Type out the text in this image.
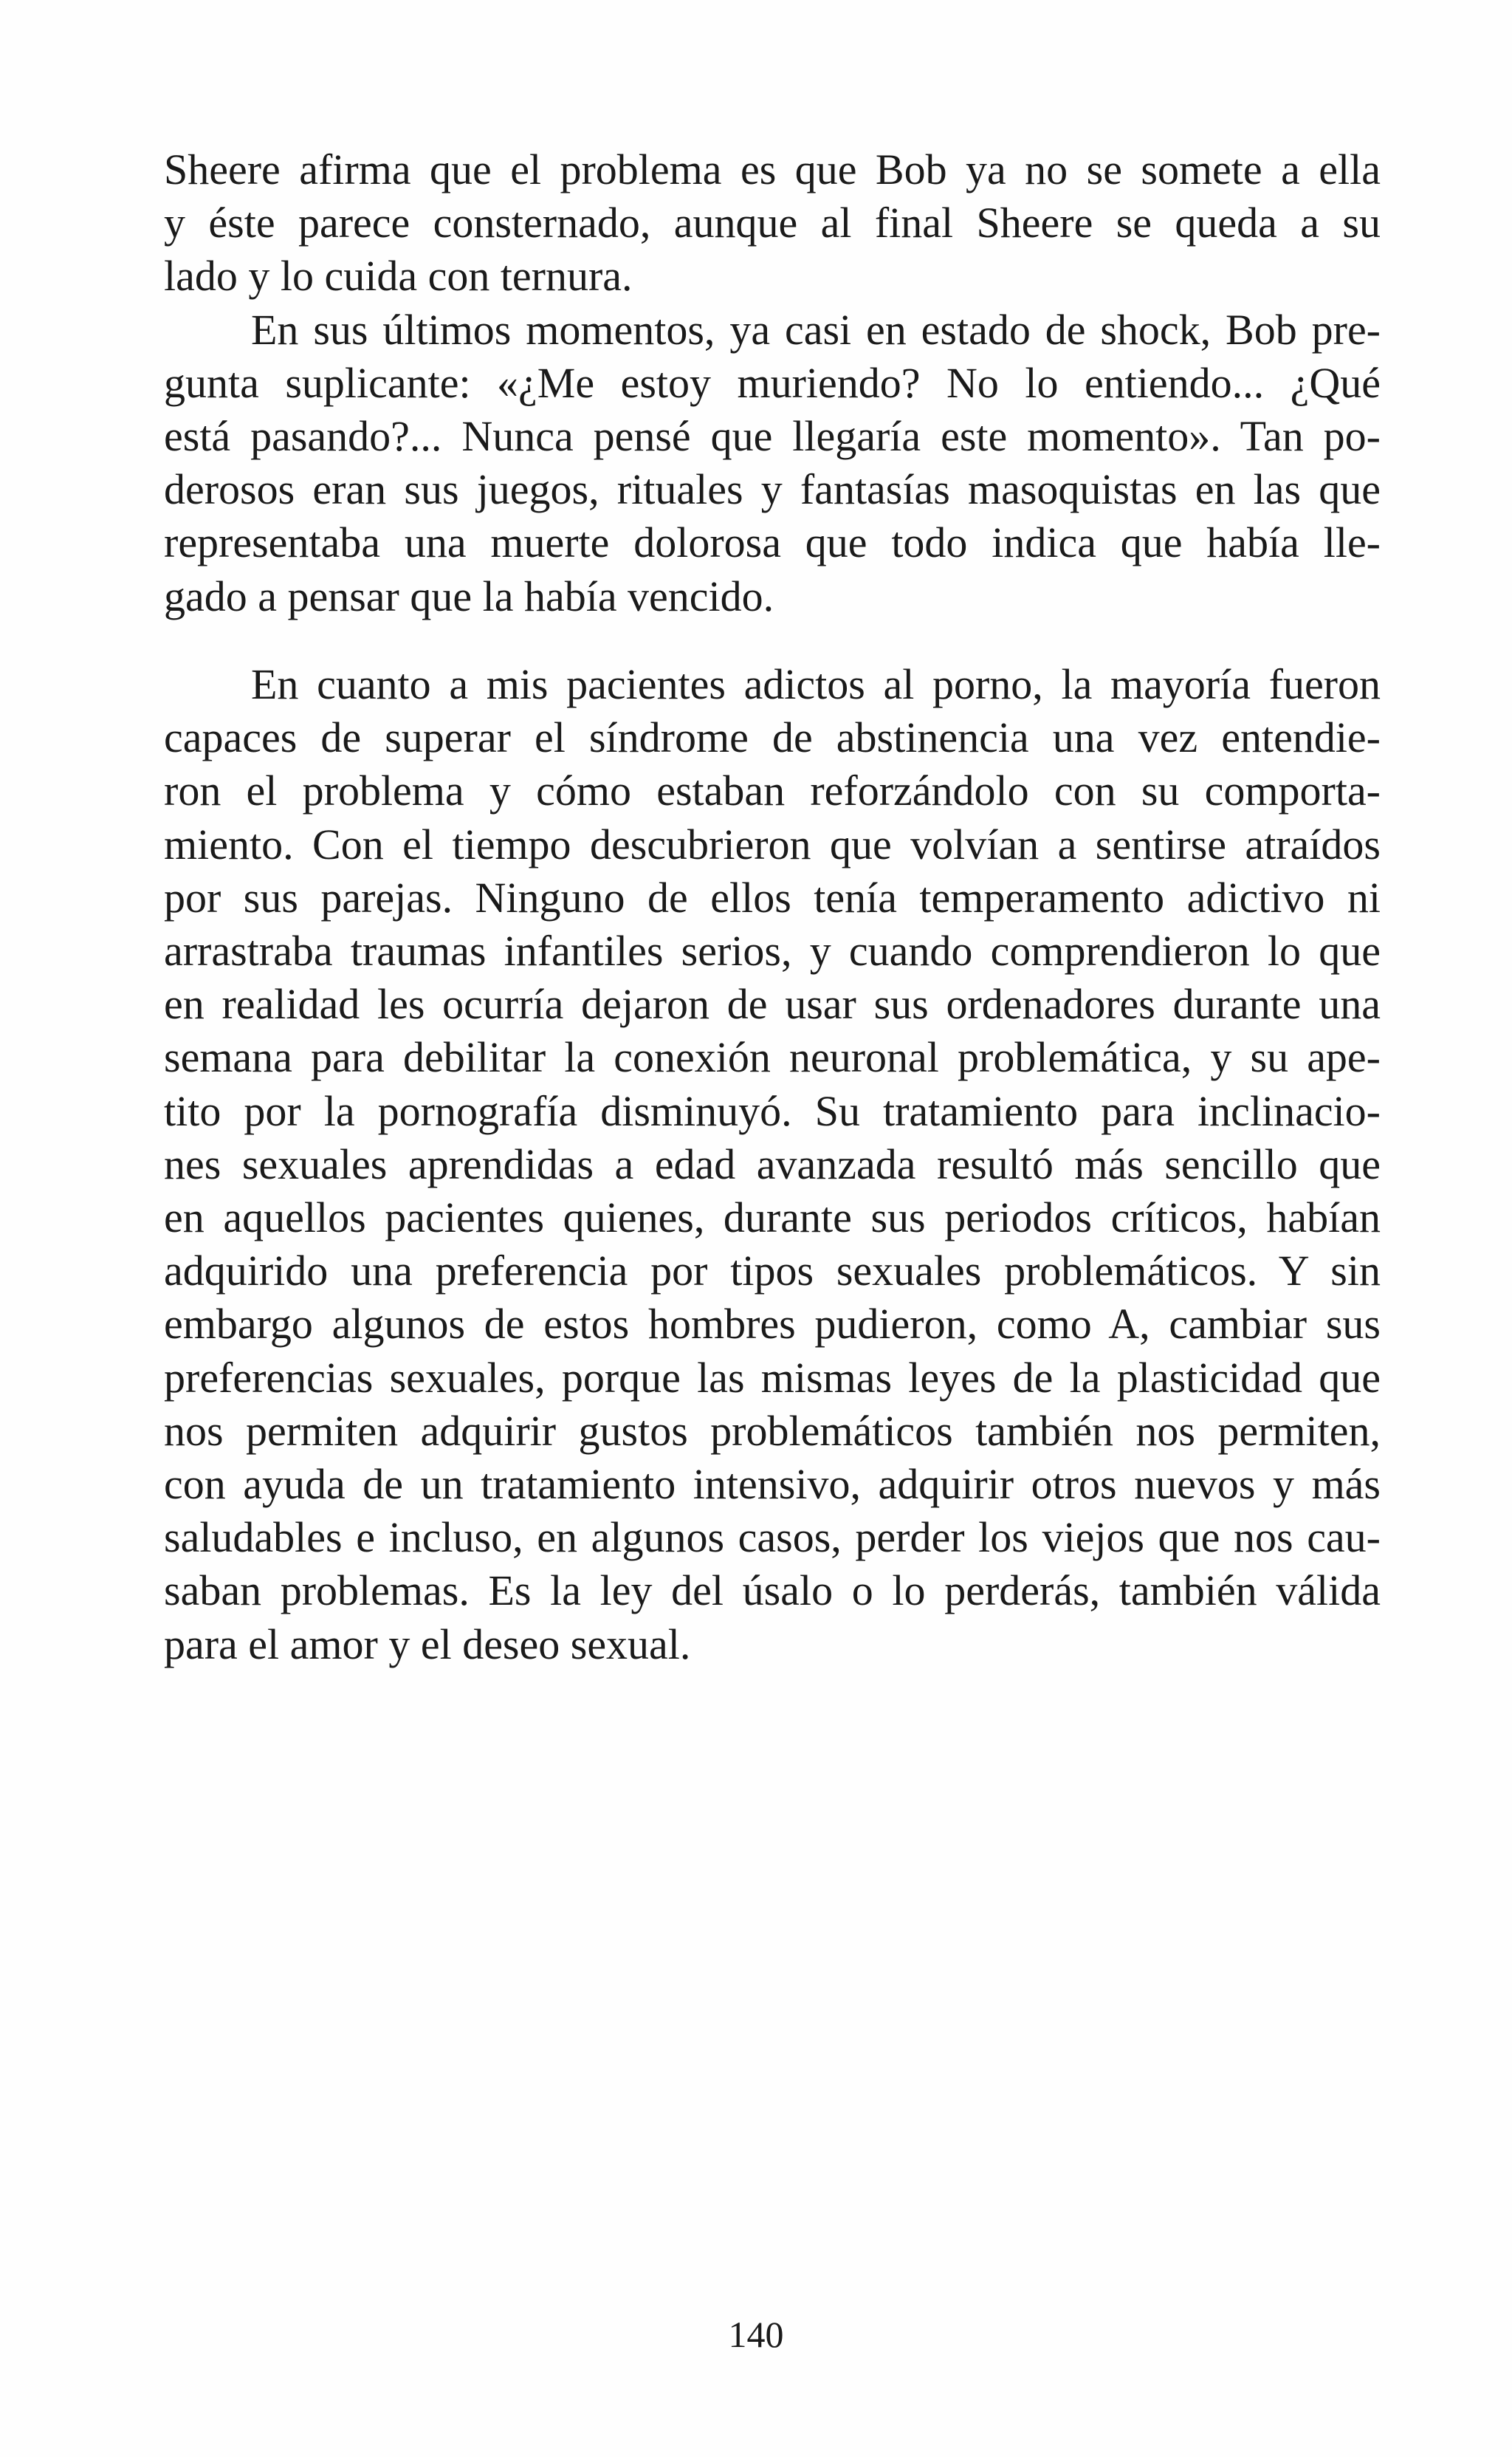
Sheere afirma que el problema es que Bob ya no se somete a ella
y éste parece consternado, aunque al final Sheere se queda a su
lado y lo cuida con ternura.
En sus últimos momentos, ya casi en estado de shock, Bob pre-
gunta suplicante: «¿Me estoy muriendo? No lo entiendo... ¿Qué
está pasando?... Nunca pensé que llegaría este momento». Tan po-
derosos eran sus juegos, rituales y fantasías masoquistas en las que
representaba una muerte dolorosa que todo indica que había lle-
gado a pensar que la había vencido.
En cuanto a mis pacientes adictos al porno, la mayoría fueron
capaces de superar el síndrome de abstinencia una vez entendie-
ron el problema y cómo estaban reforzándolo con su comporta-
miento. Con el tiempo descubrieron que volvían a sentirse atraídos
por sus parejas. Ninguno de ellos tenía temperamento adictivo ni
arrastraba traumas infantiles serios, y cuando comprendieron lo que
en realidad les ocurría dejaron de usar sus ordenadores durante una
semana para debilitar la conexión neuronal problemática, y su ape-
tito por la pornografía disminuyó. Su tratamiento para inclinacio-
nes sexuales aprendidas a edad avanzada resultó más sencillo que
en aquellos pacientes quienes, durante sus periodos críticos, habían
adquirido una preferencia por tipos sexuales problemáticos. Y sin
embargo algunos de estos hombres pudieron, como A, cambiar sus
preferencias sexuales, porque las mismas leyes de la plasticidad que
nos permiten adquirir gustos problemáticos también nos permiten,
con ayuda de un tratamiento intensivo, adquirir otros nuevos y más
saludables e incluso, en algunos casos, perder los viejos que nos cau-
saban problemas. Es la ley del úsalo o lo perderás, también válida
para el amor y el deseo sexual.
140
